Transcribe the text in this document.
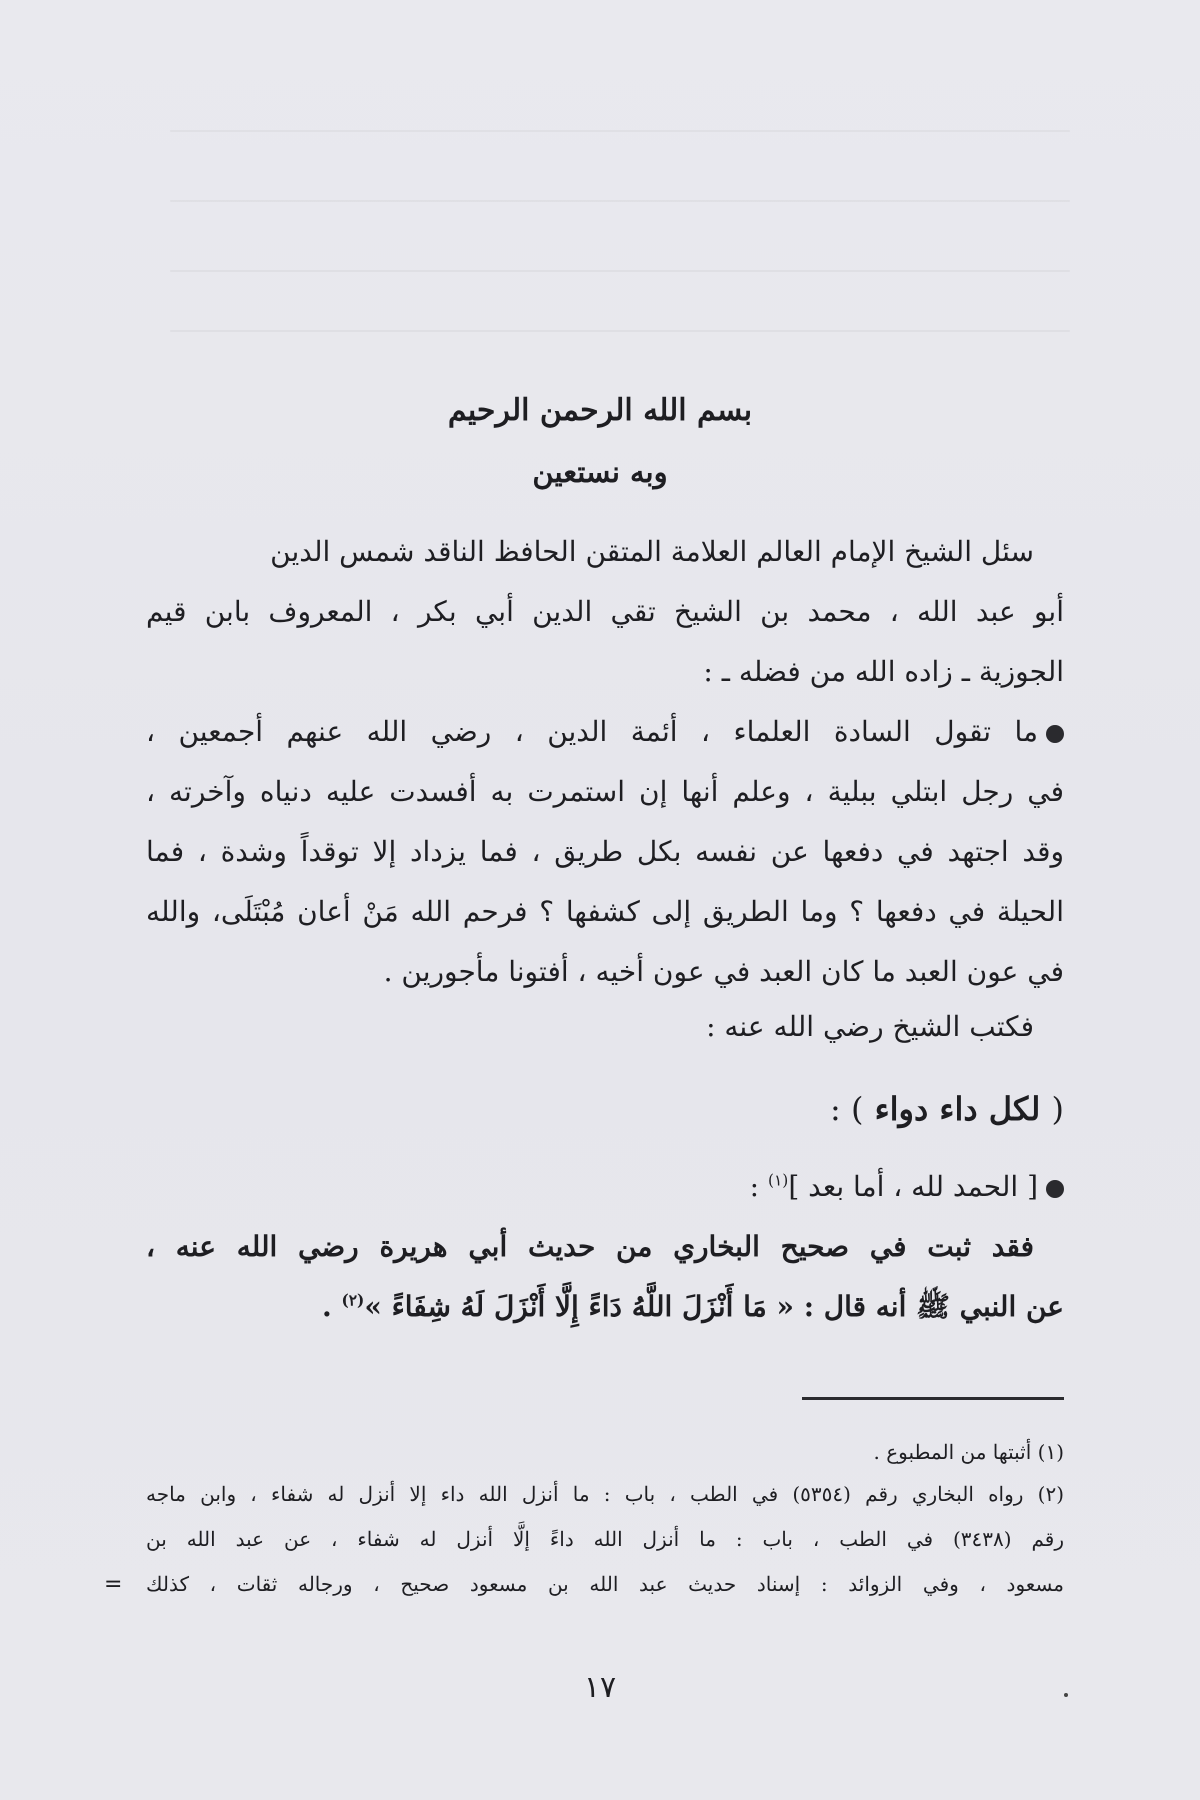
بسم الله الرحمن الرحيم
وبه نستعين
سئل الشيخ الإمام العالم العلامة المتقن الحافظ الناقد شمس الدين
أبو عبد الله ، محمد بن الشيخ تقي الدين أبي بكر ، المعروف بابن قيم
الجوزية ـ زاده الله من فضله ـ :
ما تقول السادة العلماء ، أئمة الدين ، رضي الله عنهم أجمعين ،
في رجل ابتلي ببلية ، وعلم أنها إن استمرت به أفسدت عليه دنياه وآخرته ،
وقد اجتهد في دفعها عن نفسه بكل طريق ، فما يزداد إلا توقداً وشدة ، فما
الحيلة في دفعها ؟ وما الطريق إلى كشفها ؟ فرحم الله مَنْ أعان مُبْتَلَى، والله
في عون العبد ما كان العبد في عون أخيه ، أفتونا مأجورين .
فكتب الشيخ رضي الله عنه :
( لكل داء دواء ) :
[ الحمد لله ، أما بعد ]$^{(١)}$ :
فقد ثبت في صحيح البخاري من حديث أبي هريرة رضي الله عنه ،
عن النبي ﷺ أنه قال : « مَا أَنْزَلَ اللَّهُ دَاءً إِلَّا أَنْزَلَ لَهُ شِفَاءً »$^{(٢)}$ .
(١) أثبتها من المطبوع .
(٢) رواه البخاري رقم (٥٣٥٤) في الطب ، باب : ما أنزل الله داء إلا أنزل له شفاء ، وابن ماجه
رقم (٣٤٣٨) في الطب ، باب : ما أنزل الله داءً إلَّا أنزل له شفاء ، عن عبد الله بن
مسعود ، وفي الزوائد : إسناد حديث عبد الله بن مسعود صحيح ، ورجاله ثقات ، كذلك
=
١٧
